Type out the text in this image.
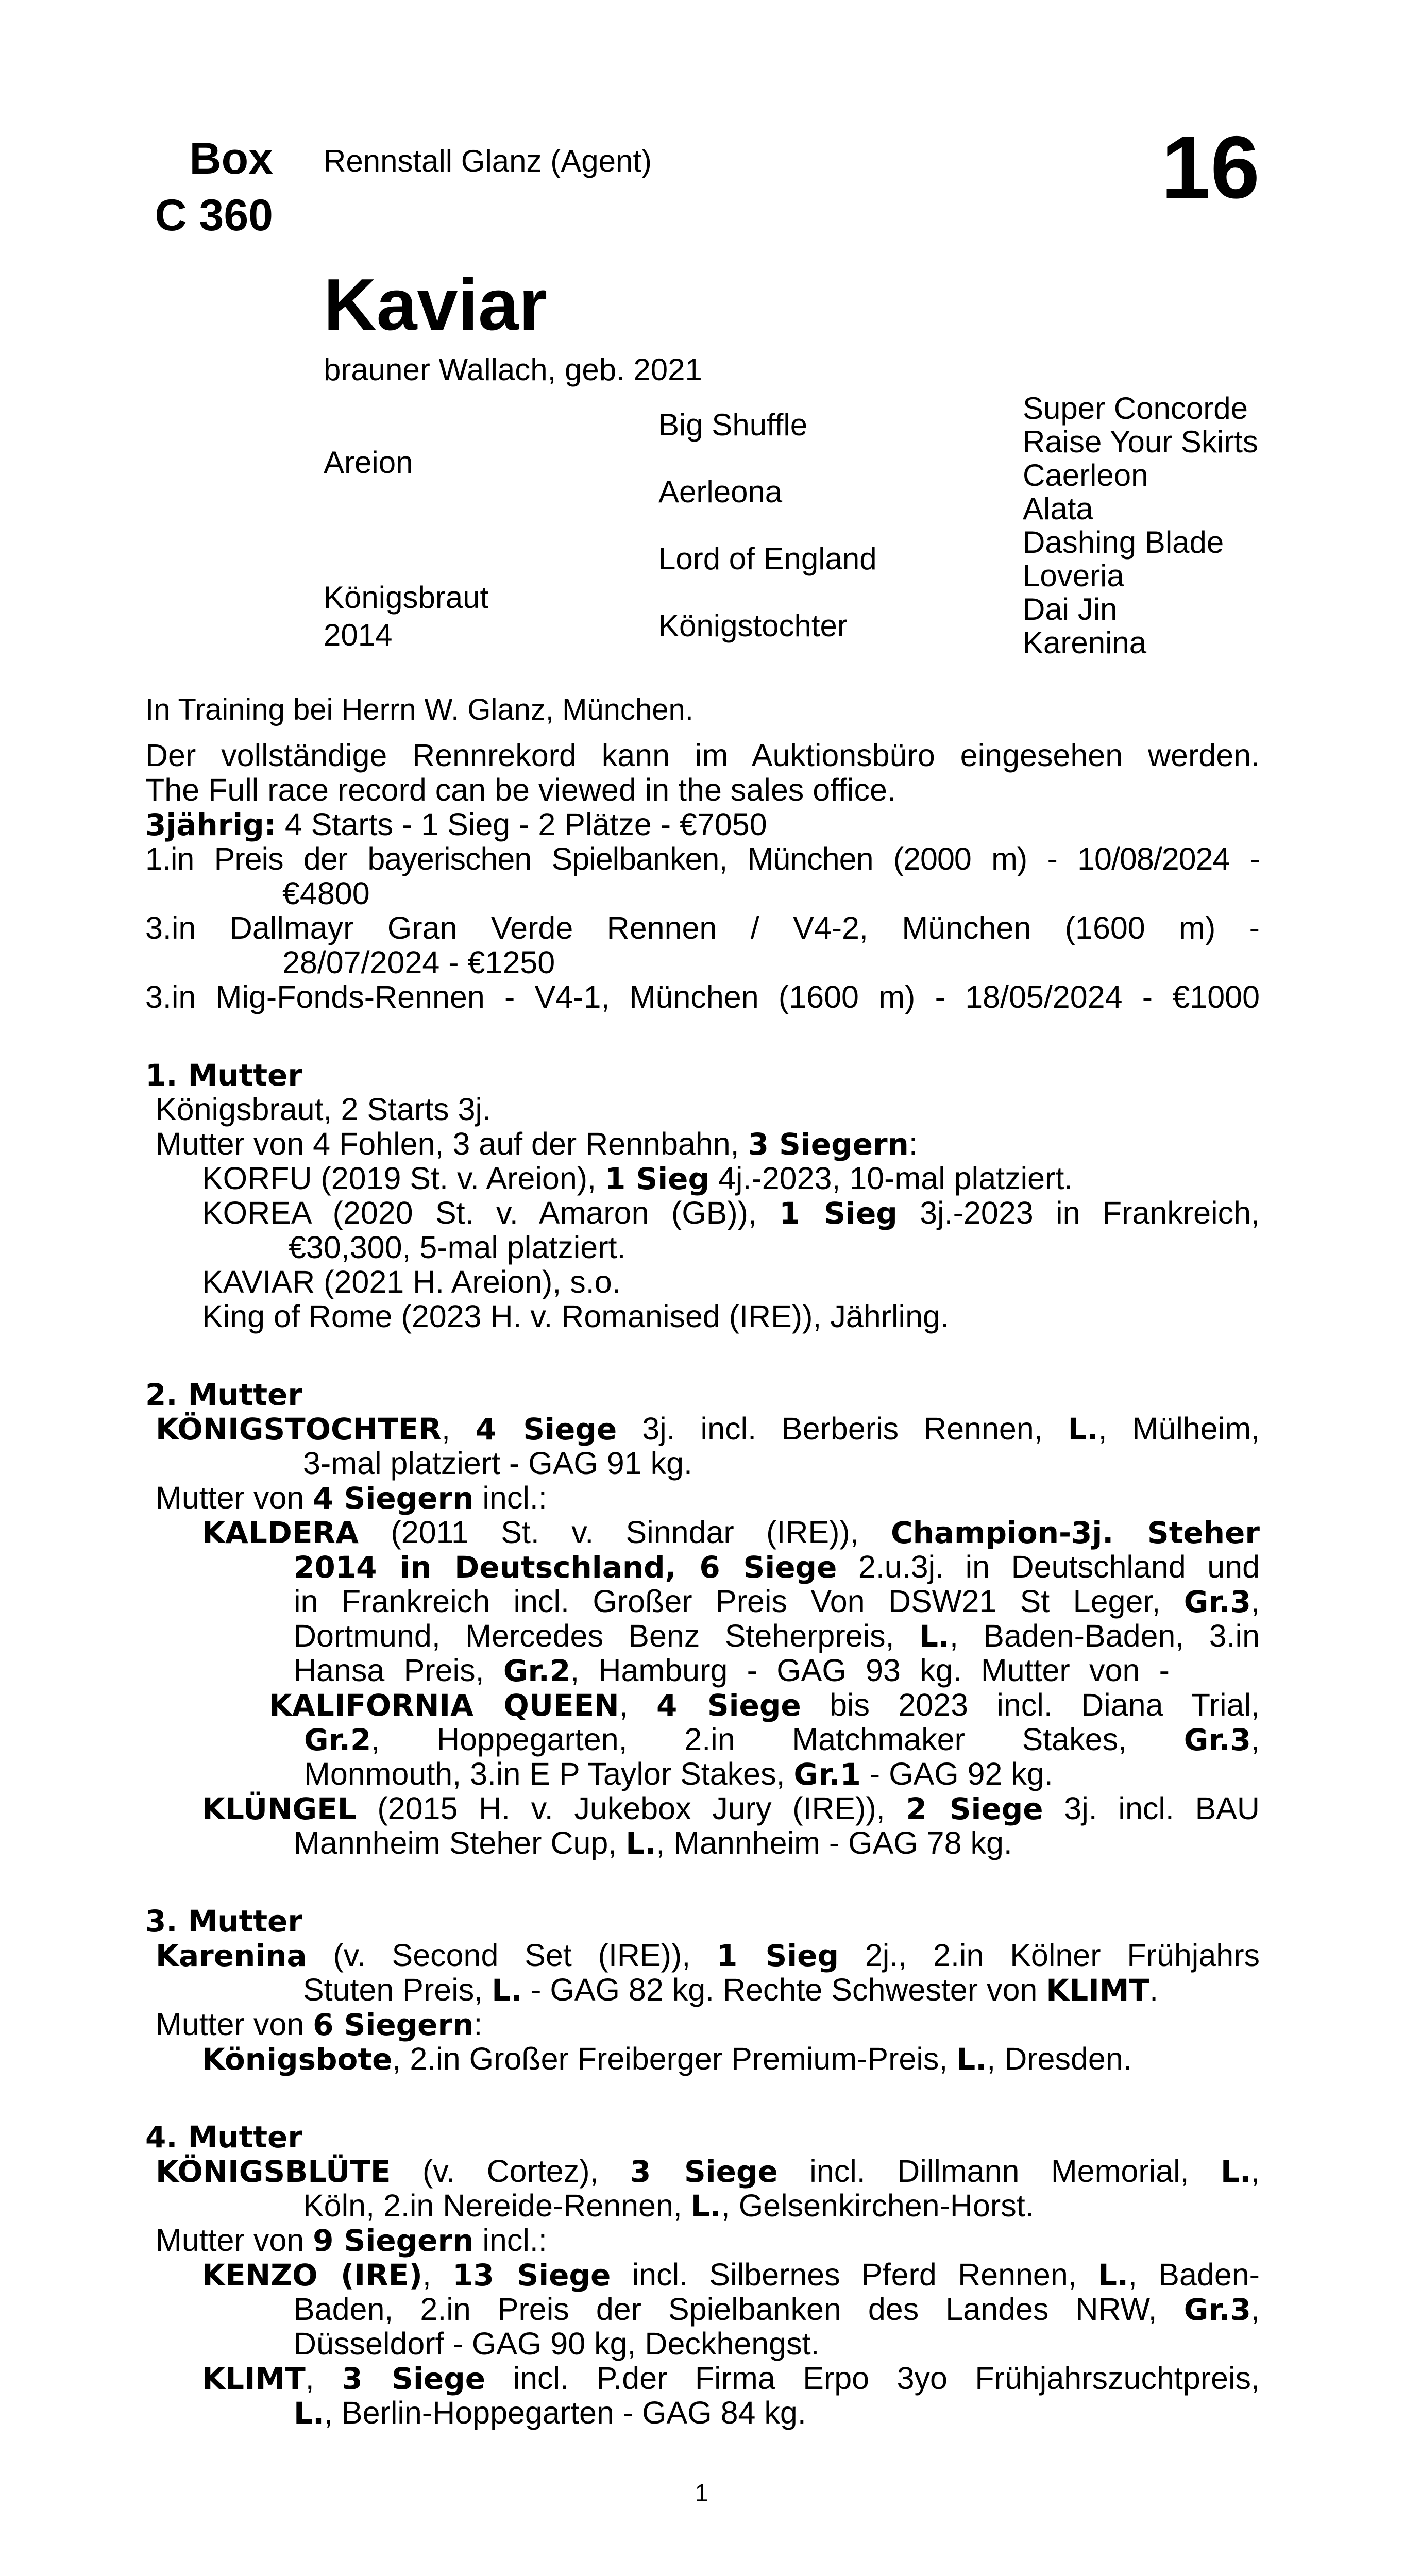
Box
C 360
Rennstall Glanz (Agent)	16
Kaviar
brauner Wallach, geb. 2021
Areion
Königsbraut
2014
Big Shuffle
Aerleona
Lord of England
Königstochter
Super Concorde
Raise Your Skirts
Caerleon
Alata
Dashing Blade
Loveria
Dai Jin
Karenina
In Training bei Herrn W. Glanz, München.
Der vollständige Rennrekord kann im Auktionsbüro eingesehen werden.
The Full race record can be viewed in the sales office.
3jährig: 4 Starts - 1 Sieg - 2 Plätze - €7050
1.in Preis der bayerischen Spielbanken, München (2000 m) - 10/08/2024 -
€4800
3.in Dallmayr Gran Verde Rennen / V4-2, München (1600 m) -
28/07/2024 - €1250
3.in Mig-Fonds-Rennen - V4-1, München (1600 m) - 18/05/2024 - €1000
1. Mutter
Königsbraut, 2 Starts 3j.
Mutter von 4 Fohlen, 3 auf der Rennbahn, 3 Siegern:
KORFU (2019 St. v. Areion), 1 Sieg 4j.-2023, 10-mal platziert.
KOREA (2020 St. v. Amaron (GB)), 1 Sieg 3j.-2023 in Frankreich,
€30,300, 5-mal platziert.
KAVIAR (2021 H. Areion), s.o.
King of Rome (2023 H. v. Romanised (IRE)), Jährling.
2. Mutter
KÖNIGSTOCHTER, 4 Siege 3j. incl. Berberis Rennen, L., Mülheim,
3-mal platziert - GAG 91 kg.
Mutter von 4 Siegern incl.:
KALDERA (2011 St. v. Sinndar (IRE)), Champion-3j. Steher
2014 in Deutschland, 6 Siege 2.u.3j. in Deutschland und
in Frankreich incl. Großer Preis Von DSW21 St Leger, Gr.3,
Dortmund, Mercedes Benz Steherpreis, L., Baden-Baden, 3.in
Hansa Preis, Gr.2, Hamburg - GAG 93 kg. Mutter von -
KALIFORNIA QUEEN, 4 Siege bis 2023 incl. Diana Trial,
Gr.2, Hoppegarten, 2.in Matchmaker Stakes, Gr.3,
Monmouth, 3.in E P Taylor Stakes, Gr.1 - GAG 92 kg.
KLÜNGEL (2015 H. v. Jukebox Jury (IRE)), 2 Siege 3j. incl. BAU
Mannheim Steher Cup, L., Mannheim - GAG 78 kg.
3. Mutter
Karenina (v. Second Set (IRE)), 1 Sieg 2j., 2.in Kölner Frühjahrs
Stuten Preis, L. - GAG 82 kg. Rechte Schwester von KLIMT.
Mutter von 6 Siegern:
Königsbote, 2.in Großer Freiberger Premium-Preis, L., Dresden.
4. Mutter
KÖNIGSBLÜTE (v. Cortez), 3 Siege incl. Dillmann Memorial, L.,
Köln, 2.in Nereide-Rennen, L., Gelsenkirchen-Horst.
Mutter von 9 Siegern incl.:
KENZO (IRE), 13 Siege incl. Silbernes Pferd Rennen, L., Baden-
Baden, 2.in Preis der Spielbanken des Landes NRW, Gr.3,
Düsseldorf - GAG 90 kg, Deckhengst.
KLIMT, 3 Siege incl. P.der Firma Erpo 3yo Frühjahrszuchtpreis,
L., Berlin-Hoppegarten - GAG 84 kg.
1
